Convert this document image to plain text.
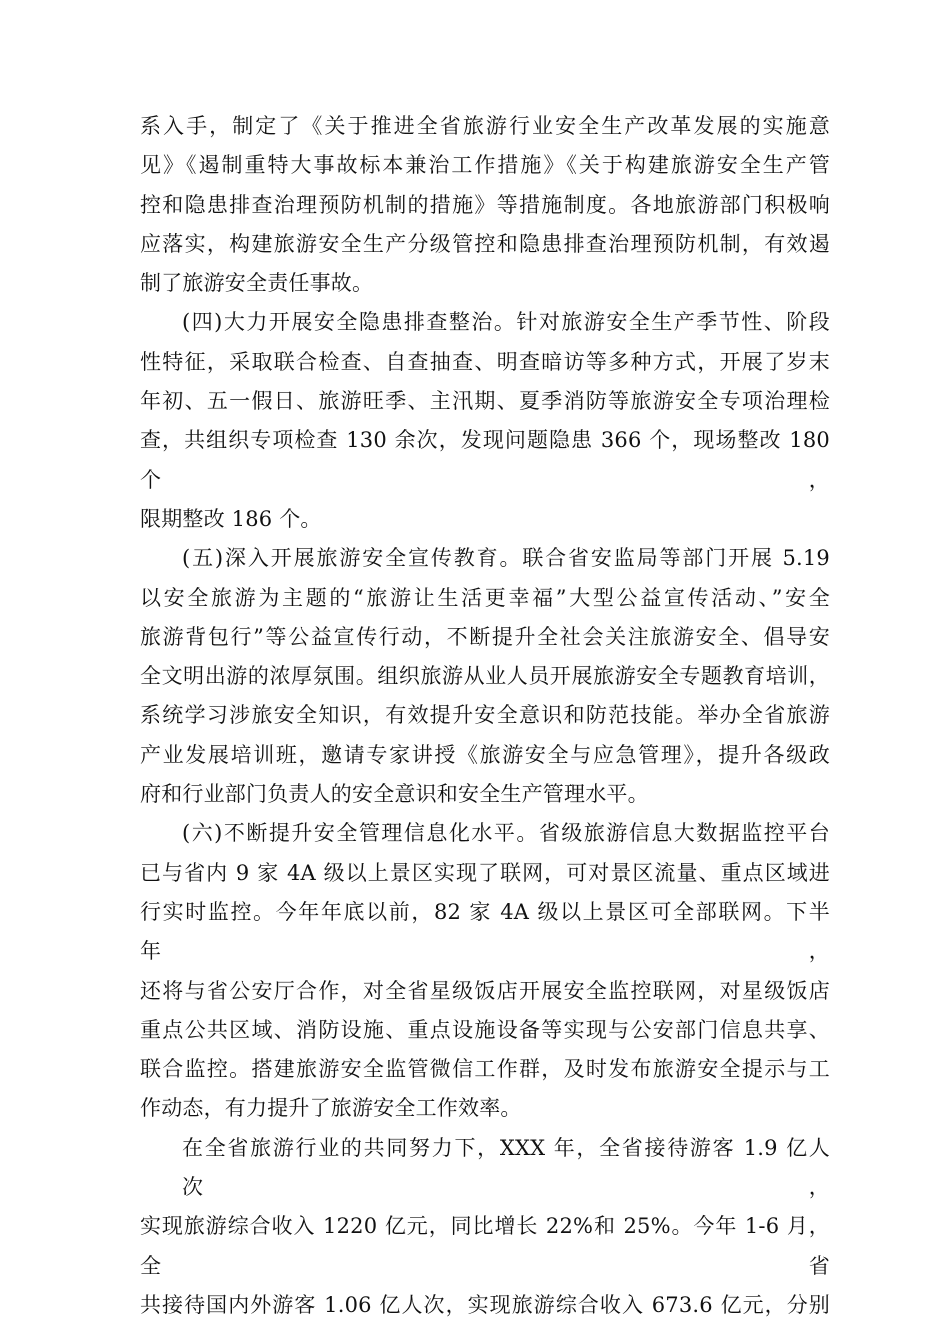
系入手，制定了《关于推进全省旅游行业安全生产改革发展的实施意
见》《遏制重特大事故标本兼治工作措施》《关于构建旅游安全生产管
控和隐患排查治理预防机制的措施》等措施制度。各地旅游部门积极响
应落实，构建旅游安全生产分级管控和隐患排查治理预防机制，有效遏
制了旅游安全责任事故。

(四)大力开展安全隐患排查整治。针对旅游安全生产季节性、阶段
性特征，采取联合检查、自查抽查、明查暗访等多种方式，开展了岁末
年初、五一假日、旅游旺季、主汛期、夏季消防等旅游安全专项治理检
查，共组织专项检查 130 余次，发现问题隐患 366 个，现场整改 180 个，
限期整改 186 个。

(五)深入开展旅游安全宣传教育。联合省安监局等部门开展 5.19
以安全旅游为主题的“旅游让生活更幸福”大型公益宣传活动、”安全
旅游背包行”等公益宣传行动，不断提升全社会关注旅游安全、倡导安
全文明出游的浓厚氛围。组织旅游从业人员开展旅游安全专题教育培训，
系统学习涉旅安全知识，有效提升安全意识和防范技能。举办全省旅游
产业发展培训班，邀请专家讲授《旅游安全与应急管理》，提升各级政
府和行业部门负责人的安全意识和安全生产管理水平。

(六)不断提升安全管理信息化水平。省级旅游信息大数据监控平台
已与省内 9 家 4A 级以上景区实现了联网，可对景区流量、重点区域进
行实时监控。今年年底以前，82 家 4A 级以上景区可全部联网。下半年，
还将与省公安厅合作，对全省星级饭店开展安全监控联网，对星级饭店
重点公共区域、消防设施、重点设施设备等实现与公安部门信息共享、
联合监控。搭建旅游安全监管微信工作群，及时发布旅游安全提示与工
作动态，有力提升了旅游安全工作效率。

在全省旅游行业的共同努力下，XXX 年，全省接待游客 1.9 亿人次，
实现旅游综合收入 1220 亿元，同比增长 22%和 25%。今年 1-6 月，全省
共接待国内外游客 1.06 亿人次，实现旅游综合收入 673.6 亿元，分别
